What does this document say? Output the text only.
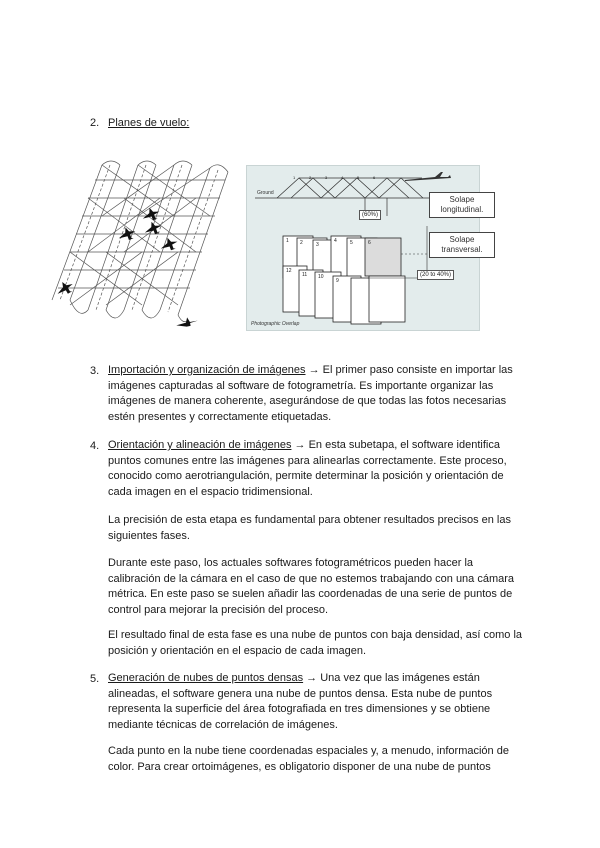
2. Planes de vuelo:
(60%)
(20 to 40%)
Ground
Solape longitudinal.
Solape transversal.
1 2	3
4	5	6
12
11 10
9
1	2	3	4	5	6
Photographic Overlap
3. Importación y organización de imágenes → El primer paso consiste en importar las imágenes capturadas al software de fotogrametría. Es importante organizar las imágenes de manera coherente, asegurándose de que todas las fotos necesarias estén presentes y correctamente etiquetadas.

4. Orientación y alineación de imágenes → En esta subetapa, el software identifica puntos comunes entre las imágenes para alinearlas correctamente. Este proceso, conocido como aerotriangulación, permite determinar la posición y orientación de cada imagen en el espacio tridimensional.

La precisión de esta etapa es fundamental para obtener resultados precisos en las siguientes fases.

Durante este paso, los actuales softwares fotogramétricos pueden hacer la calibración de la cámara en el caso de que no estemos trabajando con una cámara métrica. En este paso se suelen añadir las coordenadas de una serie de puntos de control para mejorar la precisión del proceso.

El resultado final de esta fase es una nube de puntos con baja densidad, así como la posición y orientación en el espacio de cada imagen.

5. Generación de nubes de puntos densas → Una vez que las imágenes están alineadas, el software genera una nube de puntos densa. Esta nube de puntos representa la superficie del área fotografiada en tres dimensiones y se obtiene mediante técnicas de correlación de imágenes.

Cada punto en la nube tiene coordenadas espaciales y, a menudo, información de color. Para crear ortoimágenes, es obligatorio disponer de una nube de puntos
